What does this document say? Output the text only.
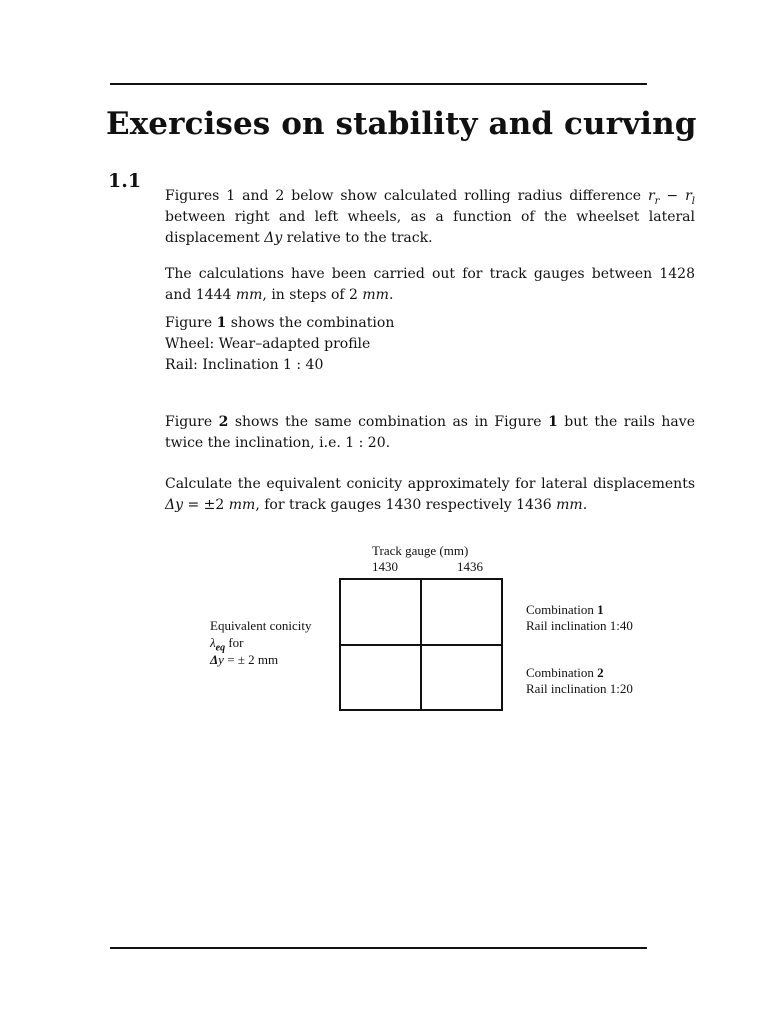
Exercises on stability and curving
1.1

Figures 1 and 2 below show calculated rolling radius difference $r_r - r_l$ between right and left wheels, as a function of the wheelset lateral displacement Δy relative to the track.

The calculations have been carried out for track gauges between 1428 and 1444 mm, in steps of 2 mm.

Figure 1 shows the combination
Wheel: Wear–adapted profile
Rail: Inclination 1 : 40

Figure 2 shows the same combination as in Figure 1 but the rails have twice the inclination, i.e. 1 : 20.

Calculate the equivalent conicity approximately for lateral displacements Δy = ±2 mm, for track gauges 1430 respectively 1436 mm.

Track gauge (mm)
1430	1436
Equivalent conicity
$\lambda_{eq}$ for
Δy = ± 2 mm
Combination 1
Rail inclination 1:40
Combination 2
Rail inclination 1:20
